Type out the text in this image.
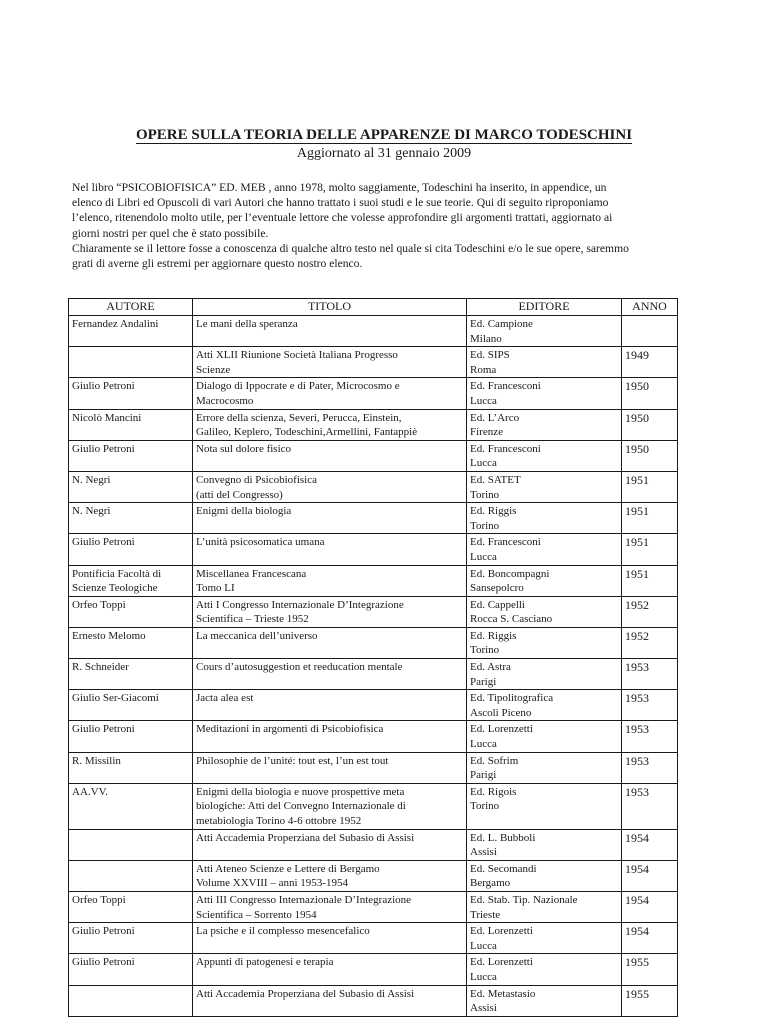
OPERE SULLA TEORIA DELLE APPARENZE DI MARCO TODESCHINI
Aggiornato al 31 gennaio 2009

Nel libro “PSICOBIOFISICA” ED. MEB , anno 1978, molto saggiamente, Todeschini ha inserito, in appendice, un

elenco di Libri ed Opuscoli di vari Autori che hanno trattato i suoi studi e le sue teorie. Qui di seguito riproponiamo

l’elenco, ritenendolo molto utile, per l’eventuale lettore che volesse approfondire gli argomenti trattati, aggiornato ai

giorni nostri per quel che è stato possibile.

Chiaramente se il lettore fosse a conoscenza di qualche altro testo nel quale si cita Todeschini e/o le sue opere, saremmo

grati di averne gli estremi per aggiornare questo nostro elenco.

AUTORE	TITOLO	EDITORE	ANNO

Fernandez Andalini	Le mani della speranza	Ed. Campione
Milano	

	Atti XLII Riunione Società Italiana Progresso
Scienze	Ed. SIPS
Roma	1949

Giulio Petroni	Dialogo di Ippocrate e di Pater, Microcosmo e
Macrocosmo	Ed. Francesconi
Lucca	1950

Nicolò Mancini	Errore della scienza, Severi, Perucca, Einstein,
Galileo, Keplero, Todeschini,Armellini, Fantappiè	Ed. L’Arco
Firenze	1950

Giulio Petroni	Nota sul dolore fisico	Ed. Francesconi
Lucca	1950

N. Negri	Convegno di Psicobiofisica
(atti del Congresso)	Ed. SATET
Torino	1951

N. Negri	Enigmi della biologia	Ed. Riggis
Torino	1951

Giulio Petroni	L’unità psicosomatica umana	Ed. Francesconi
Lucca	1951

Pontificia Facoltà di
Scienze Teologiche	Miscellanea Francescana
Tomo LI	Ed. Boncompagni
Sansepolcro	1951

Orfeo Toppi	Atti I Congresso Internazionale D’Integrazione
Scientifica – Trieste 1952	Ed. Cappelli
Rocca S. Casciano	1952

Ernesto Melomo	La meccanica dell’universo	Ed. Riggis
Torino	1952

R. Schneider	Cours d’autosuggestion et reeducation mentale	Ed. Astra
Parigi	1953

Giulio Ser-Giacomi	Jacta alea est	Ed. Tipolitografica
Ascoli Piceno	1953

Giulio Petroni	Meditazioni in argomenti di Psicobiofisica	Ed. Lorenzetti
Lucca	1953

R. Missilin	Philosophie de l’unité: tout est, l’un est tout	Ed. Sofrim
Parigi	1953

AA.VV.	Enigmi della biologia e nuove prospettive meta
biologiche: Atti del Convegno Internazionale di
metabiologia Torino 4-6 ottobre 1952	Ed. Rigois
Torino	1953

	Atti Accademia Properziana del Subasio di Assisi	Ed. L. Bubboli
Assisi	1954

	Atti Ateneo Scienze e Lettere di Bergamo
Volume XXVIII – anni 1953-1954	Ed. Secomandi
Bergamo	1954

Orfeo Toppi	Atti III Congresso Internazionale D’Integrazione
Scientifica – Sorrento 1954	Ed. Stab. Tip. Nazionale
Trieste	1954

Giulio Petroni	La psiche e il complesso mesencefalico	Ed. Lorenzetti
Lucca	1954

Giulio Petroni	Appunti di patogenesi e terapia	Ed. Lorenzetti
Lucca	1955

	Atti Accademia Properziana del Subasio di Assisi	Ed. Metastasio
Assisi	1955
